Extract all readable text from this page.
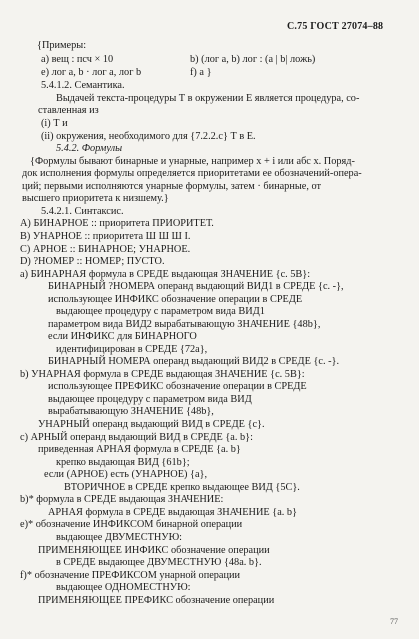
С.75 ГОСТ 27074–88
{Примеры:
a) вещ : псч × 10	b) (лог а, b) лог : (a | b| ложь)
e) лог а, b · лог а, лог b	f) а }
5.4.1.2. Семантика.
Выдачей текста-процедуры Т в окружении Е является процедура, со-
ставленная из
(i) Т и
(ii) окружения, необходимого для {7.2.2.c} Т в Е.
5.4.2. Формулы
{Формулы бывают бинарные и унарные, например x + i или абс x. Поряд-
док исполнения формулы определяется приоритетами ее обозначений-опера-
ций; первыми исполняются унарные формулы, затем · бинарные, от
высшего приоритета к низшему.}
5.4.2.1. Синтаксис.
A) БИНАРНОЕ :: приоритета ПРИОРИТЕТ.
B) УНАРНОЕ :: приоритета Ш Ш Ш I.
C) АРНОЕ :: БИНАРНОЕ; УНАРНОЕ.
D) ?НОМЕР :: НОМЕР; ПУСТО.
a) БИНАРНАЯ формула в СРЕДЕ выдающая ЗНАЧЕНИЕ {c. 5B}:
БИНАРНЫЙ ?НОМЕРА операнд выдающий ВИД1 в СРЕДЕ {c. -},
использующее ИНФИКС обозначение операции в СРЕДЕ
выдающее процедуру с параметром вида ВИД1
параметром вида ВИД2 вырабатывающую ЗНАЧЕНИЕ {48b},
если ИНФИКС для БИНАРНОГО
идентифицирован в СРЕДЕ {72a},
БИНАРНЫЙ НОМЕРА операнд выдающий ВИД2 в СРЕДЕ {c. -}.
b) УНАРНАЯ формула в СРЕДЕ выдающая ЗНАЧЕНИЕ {c. 5B}:
использующее ПРЕФИКС обозначение операции в СРЕДЕ
выдающее процедуру с параметром вида ВИД
вырабатывающую ЗНАЧЕНИЕ {48b},
УНАРНЫЙ операнд выдающий ВИД в СРЕДЕ {c}.
c) АРНЫЙ операнд выдающий ВИД в СРЕДЕ {a. b}:
приведенная АРНАЯ формула в СРЕДЕ {a. b}
крепко выдающая ВИД {61b};
если (АРНОЕ) есть (УНАРНОЕ) {a},
ВТОРИЧНОЕ в СРЕДЕ крепко выдающее ВИД {5C}.
b)* формула в СРЕДЕ выдающая ЗНАЧЕНИЕ:
АРНАЯ формула в СРЕДЕ выдающая ЗНАЧЕНИЕ {a. b}
e)* обозначение ИНФИКСОМ бинарной операции
выдающее ДВУМЕСТНУЮ:
ПРИМЕНЯЮЩЕЕ ИНФИКС обозначение операции
в СРЕДЕ выдающее ДВУМЕСТНУЮ {48a. b}.
f)* обозначение ПРЕФИКСОМ унарной операции
выдающее ОДНОМЕСТНУЮ:
ПРИМЕНЯЮЩЕЕ ПРЕФИКС обозначение операции
77
